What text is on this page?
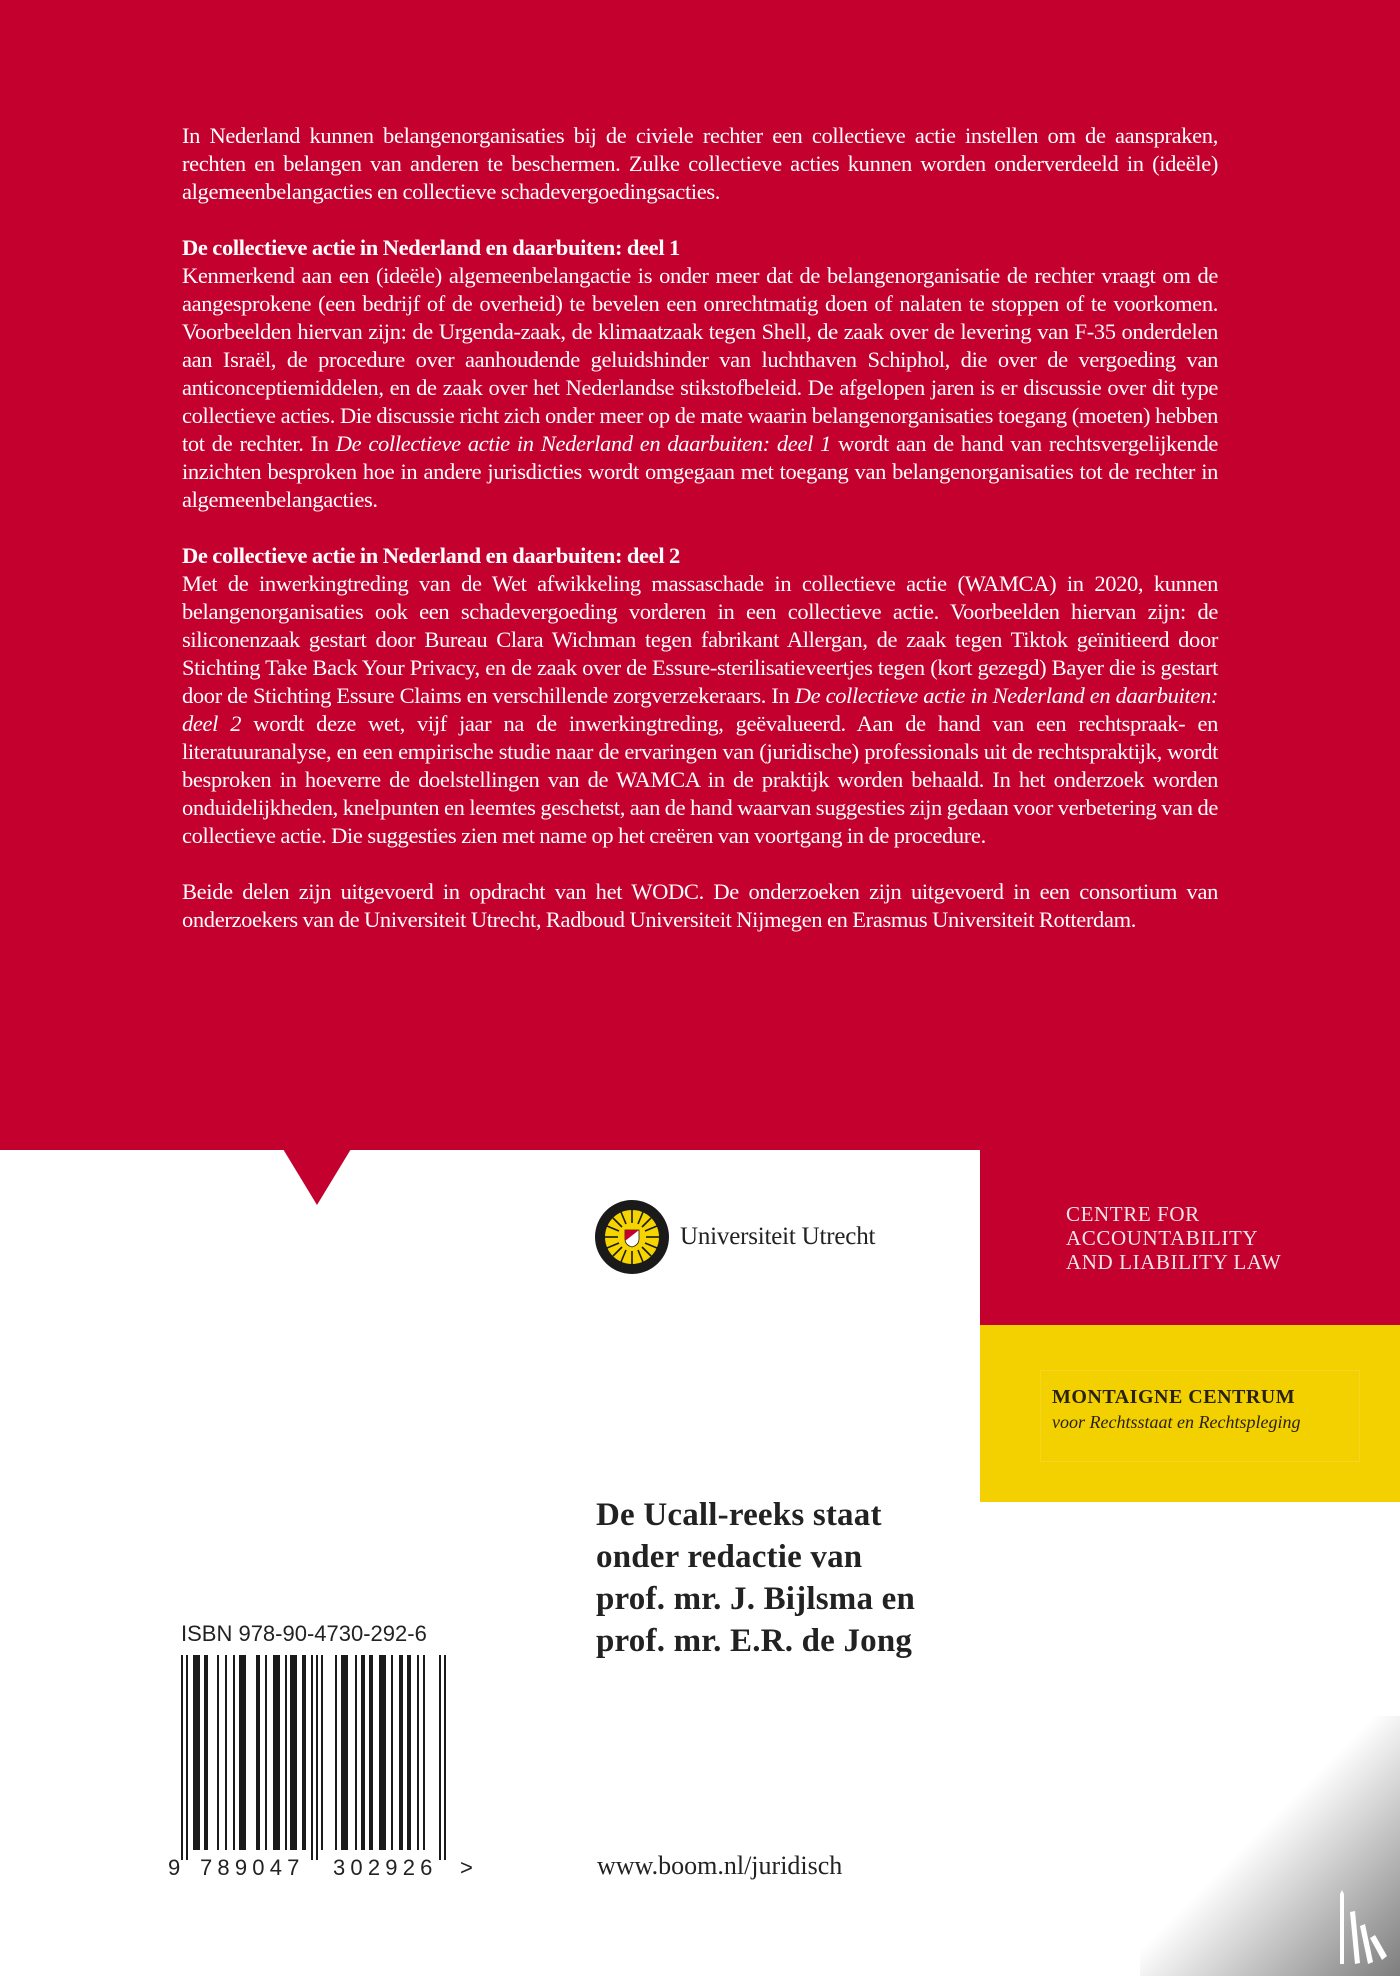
In Nederland kunnen belangenorganisaties bij de civiele rechter een collectieve actie instellen om de aanspraken, rechten en belangen van anderen te beschermen. Zulke collectieve acties kunnen worden onderverdeeld in (ideële) algemeenbelangacties en collectieve schadevergoedingsacties.

De collectieve actie in Nederland en daarbuiten: deel 1
Kenmerkend aan een (ideële) algemeenbelangactie is onder meer dat de belangenorganisatie de rechter vraagt om de aangesprokene (een bedrijf of de overheid) te bevelen een onrechtmatig doen of nalaten te stoppen of te voorkomen. Voorbeelden hiervan zijn: de Urgenda-zaak, de klimaatzaak tegen Shell, de zaak over de levering van F-35 onderdelen aan Israël, de procedure over aanhoudende geluidshinder van luchthaven Schiphol, die over de vergoeding van anticonceptiemiddelen, en de zaak over het Nederlandse stikstofbeleid. De afgelopen jaren is er discussie over dit type collectieve acties. Die discussie richt zich onder meer op de mate waarin belangenorganisaties toegang (moeten) hebben tot de rechter. In De collectieve actie in Nederland en daarbuiten: deel 1 wordt aan de hand van rechtsvergelijkende inzichten besproken hoe in andere jurisdicties wordt omgegaan met toegang van belangenorganisaties tot de rechter in algemeenbelangacties.

De collectieve actie in Nederland en daarbuiten: deel 2
Met de inwerkingtreding van de Wet afwikkeling massaschade in collectieve actie (WAMCA) in 2020, kunnen belangenorganisaties ook een schadevergoeding vorderen in een collectieve actie. Voorbeelden hiervan zijn: de siliconenzaak gestart door Bureau Clara Wichman tegen fabrikant Allergan, de zaak tegen Tiktok geïnitieerd door Stichting Take Back Your Privacy, en de zaak over de Essure-sterilisatieveertjes tegen (kort gezegd) Bayer die is gestart door de Stichting Essure Claims en verschillende zorgverzekeraars. In De collectieve actie in Nederland en daarbuiten: deel 2 wordt deze wet, vijf jaar na de inwerkingtreding, geëvalueerd. Aan de hand van een rechtspraak- en literatuuranalyse, en een empirische studie naar de ervaringen van (juridische) professionals uit de rechtspraktijk, wordt besproken in hoeverre de doelstellingen van de WAMCA in de praktijk worden behaald. In het onderzoek worden onduidelijkheden, knelpunten en leemtes geschetst, aan de hand waarvan suggesties zijn gedaan voor verbetering van de collectieve actie. Die suggesties zien met name op het creëren van voortgang in de procedure.

Beide delen zijn uitgevoerd in opdracht van het WODC. De onderzoeken zijn uitgevoerd in een consortium van onderzoekers van de Universiteit Utrecht, Radboud Universiteit Nijmegen en Erasmus Universiteit Rotterdam.

Universiteit Utrecht
CENTRE FOR
ACCOUNTABILITY
AND LIABILITY LAW
MONTAIGNE CENTRUM
voor Rechtsstaat en Rechtspleging
De Ucall-reeks staat
onder redactie van
prof. mr. J. Bijlsma en
prof. mr. E.R. de Jong
ISBN 978-90-4730-292-6
9 789047 302926 >	www.boom.nl/juridisch
